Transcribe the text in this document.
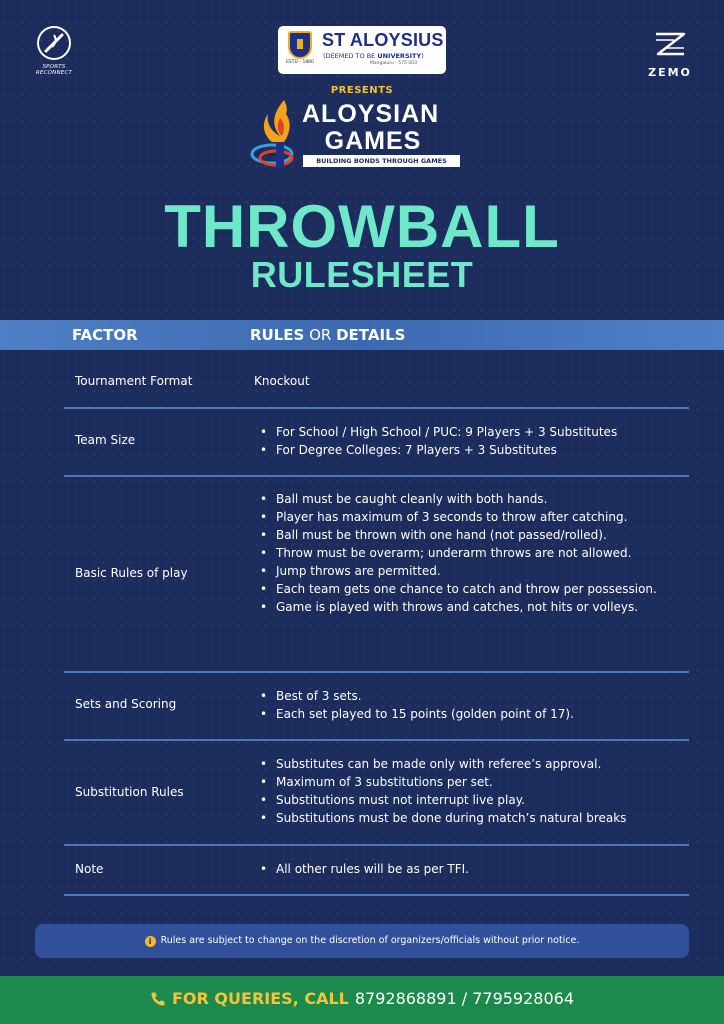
SPORTS RECONNECT
ESTD - 1880
ST ALOYSIUS
(DEEMED TO BE UNIVERSITY)
Mangaluru - 575 003
ZEMO
PRESENTS
ALOYSIAN
GAMES
BUILDING BONDS THROUGH GAMES
THROWBALL
RULESHEET
FACTOR	RULES OR DETAILS
Tournament Format	Knockout
Team Size
• For School / High School / PUC: 9 Players + 3 Substitutes
• For Degree Colleges: 7 Players + 3 Substitutes
Basic Rules of play
• Ball must be caught cleanly with both hands.
• Player has maximum of 3 seconds to throw after catching.
• Ball must be thrown with one hand (not passed/rolled).
• Throw must be overarm; underarm throws are not allowed.
• Jump throws are permitted.
• Each team gets one chance to catch and throw per possession.
• Game is played with throws and catches, not hits or volleys.
Sets and Scoring
• Best of 3 sets.
• Each set played to 15 points (golden point of 17).
Substitution Rules
• Substitutes can be made only with referee’s approval.
• Maximum of 3 substitutions per set.
• Substitutions must not interrupt live play.
• Substitutions must be done during match’s natural breaks
Note
•	All other rules will be as per TFI.
i Rules are subject to change on the discretion of organizers/officials without prior notice.
FOR QUERIES, CALL 8792868891 / 7795928064
